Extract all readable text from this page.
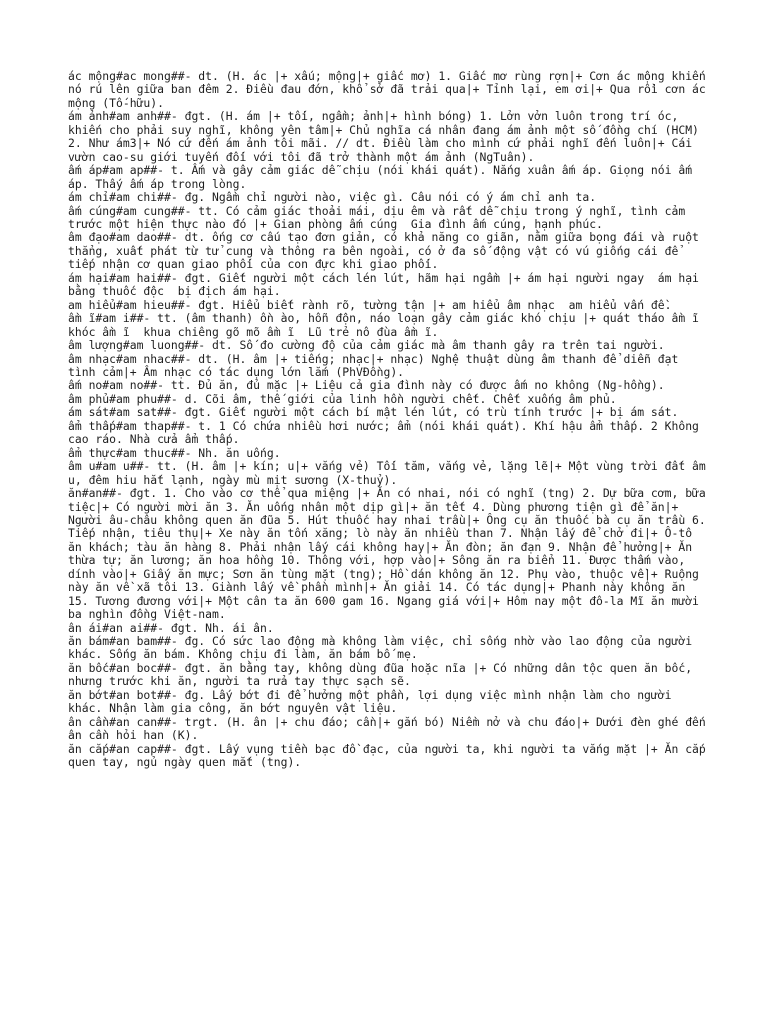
ác mộng#ac mong##- dt. (H. ác |+ xấu; mộng|+ giấc mơ) 1. Giấc mơ rùng rợn|+ Cơn ác mộng khiến nó rú lên giữa ban đêm 2. Điều đau đớn, khổ sở đã trải qua|+ Tỉnh lại, em ơi|+ Qua rồi cơn ác mộng (Tố-hữu).

ám ảnh#am anh##- đgt. (H. ám |+ tối, ngầm; ảnh|+ hình bóng) 1. Lởn vởn luôn trong trí óc, khiến cho phải suy nghĩ, không yên tâm|+ Chủ nghĩa cá nhân đang ám ảnh một số đồng chí (HCM) 2. Như ám3|+ Nó cứ đến ám ảnh tôi mãi. // dt. Điều làm cho mình cứ phải nghĩ đến luôn|+ Cái vườn cao-su giới tuyến đối với tôi đã trở thành một ám ảnh (NgTuân).

ấm áp#am ap##- t. Ấm và gây cảm giác dễ chịu (nói khái quát). Nắng xuân ấm áp. Giọng nói ấm áp. Thấy ấm áp trong lòng.

ám chỉ#am chi##- đg. Ngầm chỉ người nào, việc gì. Câu nói có ý ám chỉ anh ta.

ấm cúng#am cung##- tt. Có cảm giác thoải mái, dịu êm và rất dễ chịu trong ý nghĩ, tình cảm trước một hiện thực nào đó |+ Gian phòng ấm cúng  Gia đình ấm cúng, hạnh phúc.

âm đạo#am dao##- dt. ống cơ cấu tạo đơn giản, có khả năng co giãn, nằm giữa bọng đái và ruột thẳng, xuất phát từ tử cung và thông ra bên ngoài, có ở đa số động vật có vú giống cái để tiếp nhận cơ quan giao phối của con đực khi giao phối.

ám hại#am hai##- đgt. Giết người một cách lén lút, hãm hại ngầm |+ ám hại người ngay  ám hại bằng thuốc độc  bị địch ám hại.

am hiểu#am hieu##- đgt. Hiểu biết rành rõ, tường tận |+ am hiểu âm nhạc  am hiểu vấn đề.

ầm ĩ#am i##- tt. (âm thanh) ồn ào, hỗn độn, náo loạn gây cảm giác khó chịu |+ quát tháo ầm ĩ  khóc ầm ĩ  khua chiêng gõ mõ ầm ĩ  Lũ trẻ nô đùa ầm ĩ.

âm lượng#am luong##- dt. Số đo cường độ của cảm giác mà âm thanh gây ra trên tai người.

âm nhạc#am nhac##- dt. (H. âm |+ tiếng; nhạc|+ nhạc) Nghệ thuật dùng âm thanh để diễn đạt tình cảm|+ Âm nhạc có tác dụng lớn lắm (PhVĐồng).

ấm no#am no##- tt. Đủ ăn, đủ mặc |+ Liệu cả gia đình này có được ấm no không (Ng-hồng).

âm phủ#am phu##- d. Cõi âm, thế giới của linh hồn người chết. Chết xuống âm phủ.

ám sát#am sat##- đgt. Giết người một cách bí mật lén lút, có trù tính trước |+ bị ám sát.

ẩm thấp#am thap##- t. 1 Có chứa nhiều hơi nước; ẩm (nói khái quát). Khí hậu ẩm thấp. 2 Không cao ráo. Nhà cửa ẩm thấp.

ẩm thực#am thuc##- Nh. ăn uống.

âm u#am u##- tt. (H. âm |+ kín; u|+ vắng vẻ) Tối tăm, vắng vẻ, lặng lẽ|+ Một vùng trời đất âm u, đêm hiu hắt lạnh, ngày mù mịt sương (X-thuỷ).

ăn#an##- đgt. 1. Cho vào cơ thể qua miệng |+ Ăn có nhai, nói có nghĩ (tng) 2. Dự bữa cơm, bữa tiệc|+ Có người mời ăn 3. Ăn uống nhân một dịp gì|+ ăn tết 4. Dùng phương tiện gì để ăn|+ Người âu-châu không quen ăn đũa 5. Hút thuốc hay nhai trầu|+ Ông cụ ăn thuốc bà cụ ăn trầu 6. Tiếp nhận, tiêu thụ|+ Xe này ăn tốn xăng; lò này ăn nhiều than 7. Nhận lấy để chở đi|+ Ô-tô ăn khách; tàu ăn hàng 8. Phải nhận lấy cái không hay|+ Ăn đòn; ăn đạn 9. Nhận để hưởng|+ Ăn thừa tự; ăn lương; ăn hoa hồng 10. Thông với, hợp vào|+ Sông ăn ra biển 11. Được thấm vào, dính vào|+ Giấy ăn mực; Sơn ăn tùng mặt (tng); Hồ dán không ăn 12. Phụ vào, thuộc về|+ Ruộng này ăn về xã tôi 13. Giành lấy về phần mình|+ Ăn giải 14. Có tác dụng|+ Phanh này không ăn 15. Tương đương với|+ Một cân ta ăn 600 gam 16. Ngang giá với|+ Hôm nay một đô-la Mĩ ăn mười ba nghìn đồng Việt-nam.

ân ái#an ai##- đgt. Nh. ái ân.

ăn bám#an bam##- đg. Có sức lao động mà không làm việc, chỉ sống nhờ vào lao động của người khác. Sống ăn bám. Không chịu đi làm, ăn bám bố mẹ.

ăn bốc#an boc##- đgt. ăn bằng tay, không dùng đũa hoặc nĩa |+ Có những dân tộc quen ăn bốc, nhưng trước khi ăn, người ta rửa tay thực sạch sẽ.

ăn bớt#an bot##- đg. Lấy bớt đi để hưởng một phần, lợi dụng việc mình nhận làm cho người khác. Nhận làm gia công, ăn bớt nguyên vật liệu.

ân cần#an can##- trgt. (H. ân |+ chu đáo; cần|+ gắn bó) Niềm nở và chu đáo|+ Dưới đèn ghé đến ân cần hỏi han (K).

ăn cắp#an cap##- đgt. Lấy vụng tiền bạc đồ đạc, của người ta, khi người ta vắng mặt |+ Ăn cắp quen tay, ngủ ngày quen mắt (tng).
